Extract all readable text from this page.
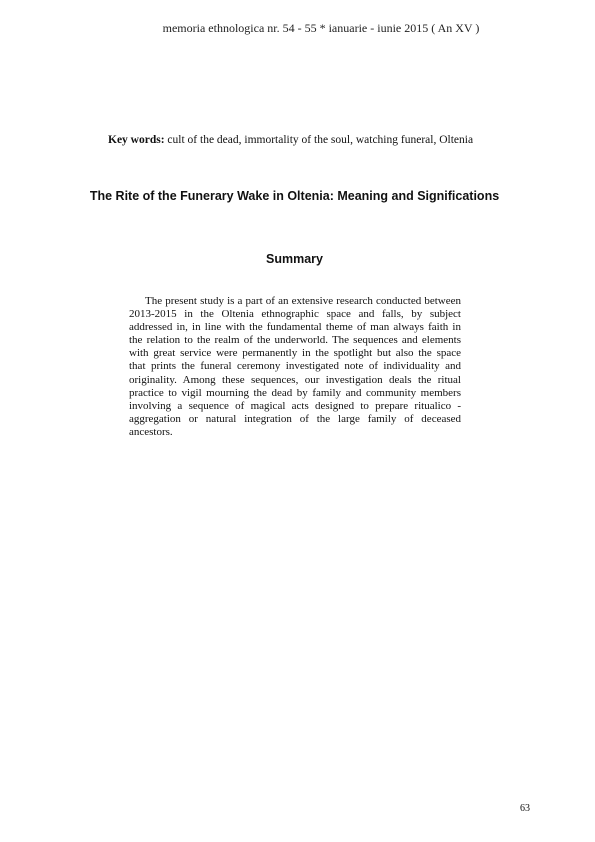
memoria ethnologica nr. 54 - 55 * ianuarie - iunie 2015 ( An XV )
Key words: cult of the dead, immortality of the soul, watching funeral, Oltenia
The Rite of the Funerary Wake in Oltenia: Meaning and Significations
Summary
The present study is a part of an extensive research conducted between
2013-2015 in the Oltenia ethnographic space and falls, by subject
addressed in, in line with the fundamental theme of man always faith in
the relation to the realm of the underworld. The sequences and elements
with great service were permanently in the spotlight but also the space
that prints the funeral ceremony investigated note of individuality and
originality. Among these sequences, our investigation deals the ritual
practice to vigil mourning the dead by family and community members
involving a sequence of magical acts designed to prepare ritualico -
aggregation or natural integration of the large family of deceased
ancestors.
63
